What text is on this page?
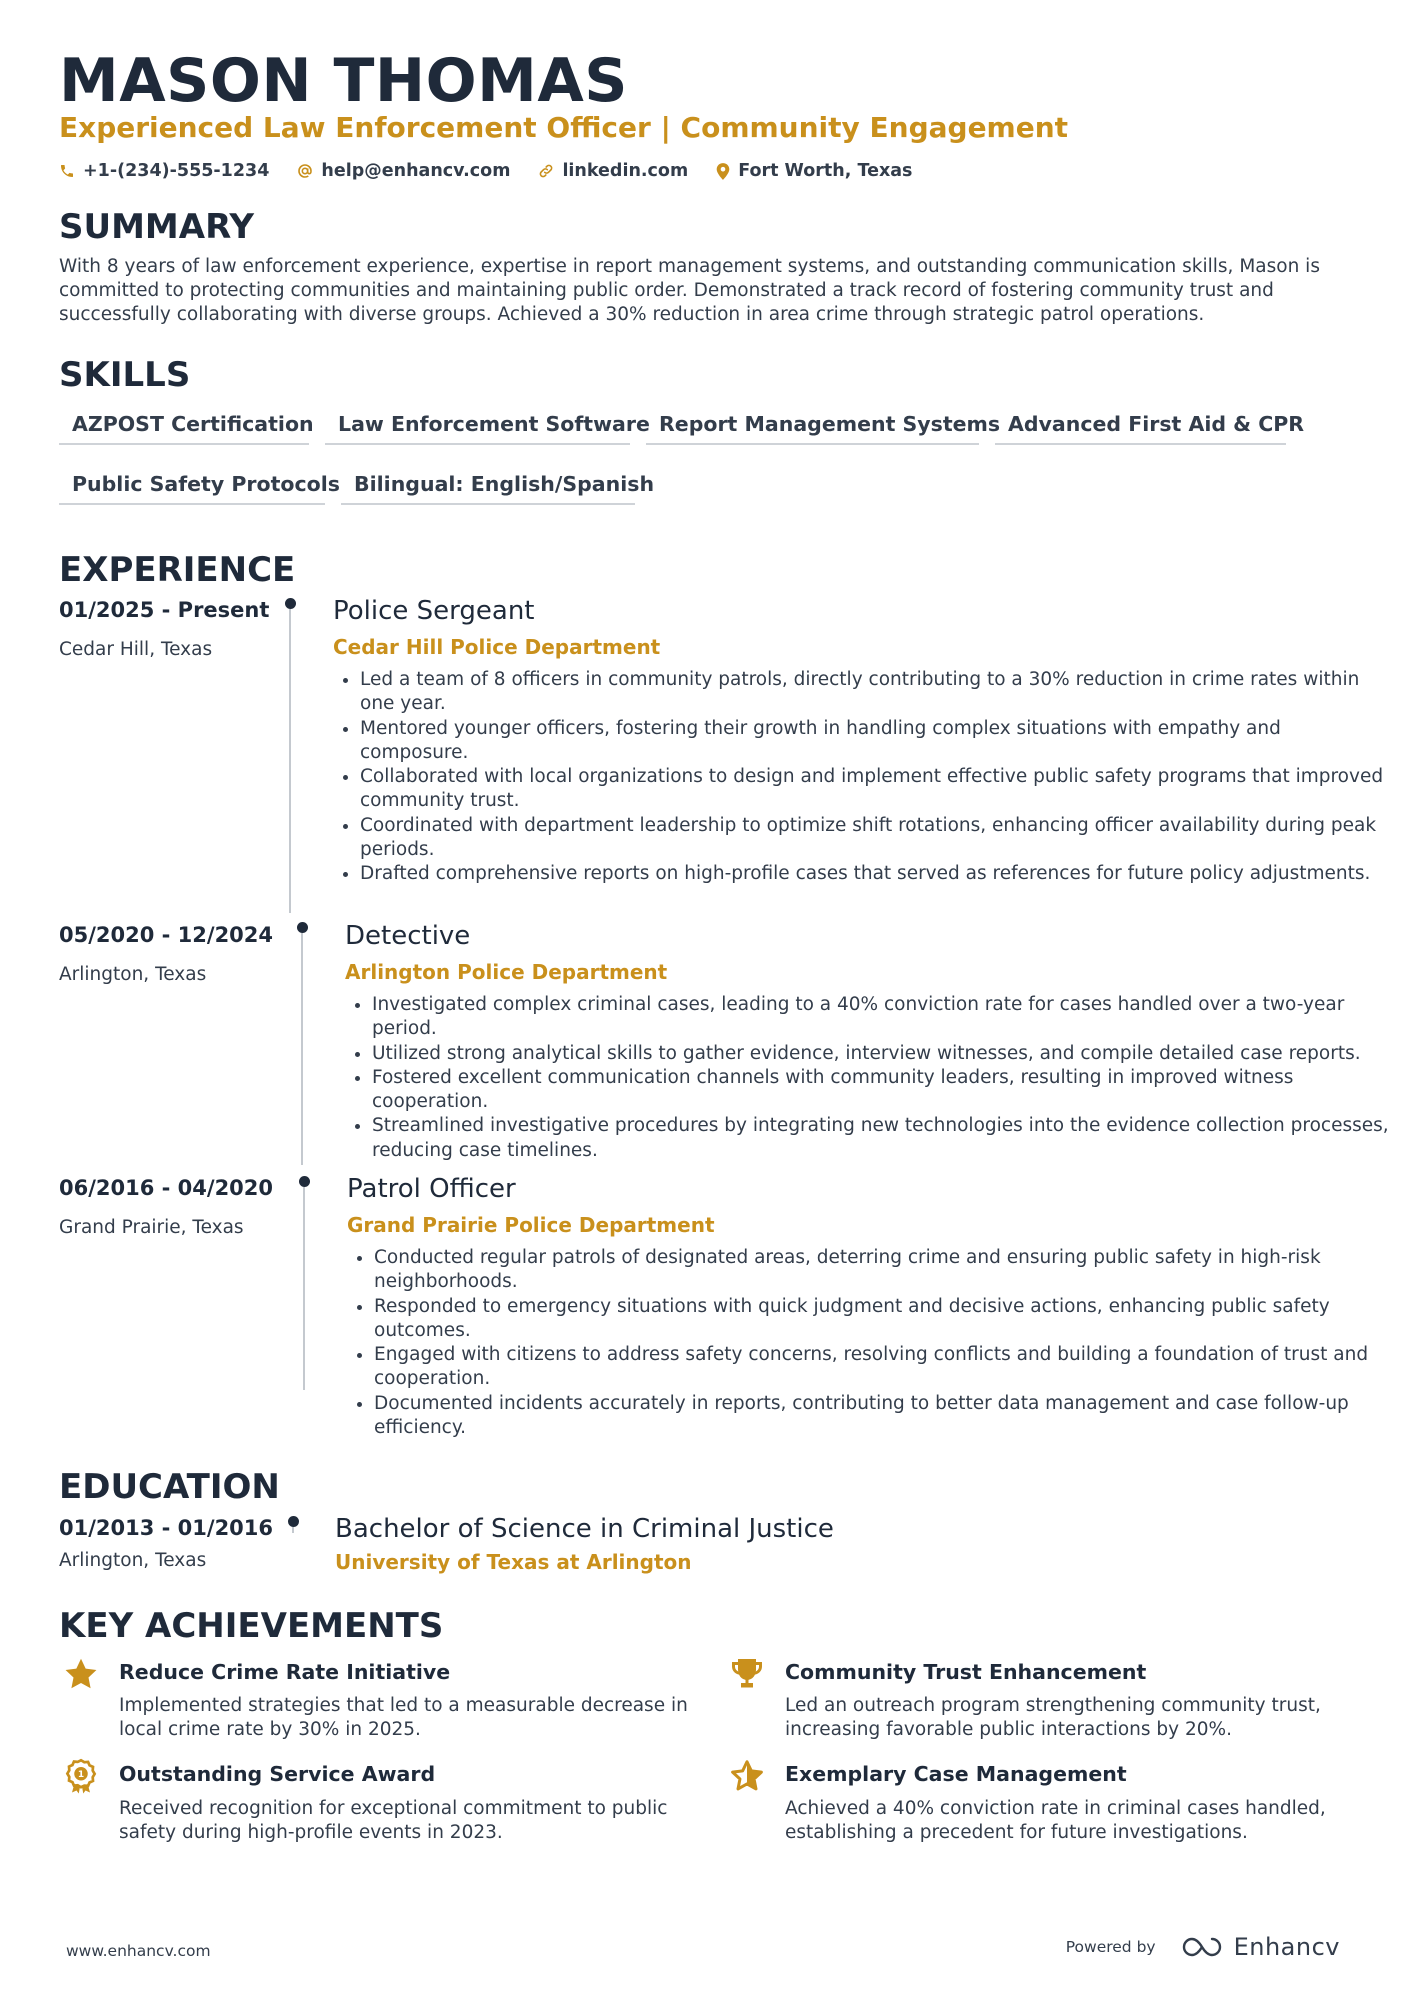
MASON THOMAS
Experienced Law Enforcement Officer | Community Engagement
+1-(234)-555-1234	help@enhancv.com	linkedin.com	Fort Worth, Texas
SUMMARY

With 8 years of law enforcement experience, expertise in report management systems, and outstanding communication skills, Mason is committed to protecting communities and maintaining public order. Demonstrated a track record of fostering community trust and successfully collaborating with diverse groups. Achieved a 30% reduction in area crime through strategic patrol operations.

SKILLS
AZPOST Certification	Law Enforcement Software Report Management Systems Advanced First Aid & CPR
Public Safety Protocols Bilingual: English/Spanish
EXPERIENCE
01/2025 - Present
Cedar Hill, Texas
Police Sergeant
Cedar Hill Police Department
• Led a team of 8 officers in community patrols, directly contributing to a 30% reduction in crime rates within one year.
• Mentored younger officers, fostering their growth in handling complex situations with empathy and composure.
• Collaborated with local organizations to design and implement effective public safety programs that improved community trust.
• Coordinated with department leadership to optimize shift rotations, enhancing officer availability during peak periods.
• Drafted comprehensive reports on high-profile cases that served as references for future policy adjustments.
05/2020 - 12/2024
Arlington, Texas
Detective
Arlington Police Department
• Investigated complex criminal cases, leading to a 40% conviction rate for cases handled over a two-year period.
• Utilized strong analytical skills to gather evidence, interview witnesses, and compile detailed case reports.
• Fostered excellent communication channels with community leaders, resulting in improved witness cooperation.
• Streamlined investigative procedures by integrating new technologies into the evidence collection processes, reducing case timelines.
06/2016 - 04/2020
Grand Prairie, Texas
Patrol Officer
Grand Prairie Police Department
• Conducted regular patrols of designated areas, deterring crime and ensuring public safety in high-risk neighborhoods.
• Responded to emergency situations with quick judgment and decisive actions, enhancing public safety outcomes.
• Engaged with citizens to address safety concerns, resolving conflicts and building a foundation of trust and cooperation.
• Documented incidents accurately in reports, contributing to better data management and case follow-up efficiency.
EDUCATION
01/2013 - 01/2016
Arlington, Texas
Bachelor of Science in Criminal Justice
University of Texas at Arlington
KEY ACHIEVEMENTS
Reduce Crime Rate Initiative
Implemented strategies that led to a measurable decrease in local crime rate by 30% in 2025.
Community Trust Enhancement
Led an outreach program strengthening community trust, increasing favorable public interactions by 20%.
1 Outstanding Service Award
Received recognition for exceptional commitment to public safety during high-profile events in 2023.
Exemplary Case Management
Achieved a 40% conviction rate in criminal cases handled, establishing a precedent for future investigations.
www.enhancv.com	Powered by	Enhancv
